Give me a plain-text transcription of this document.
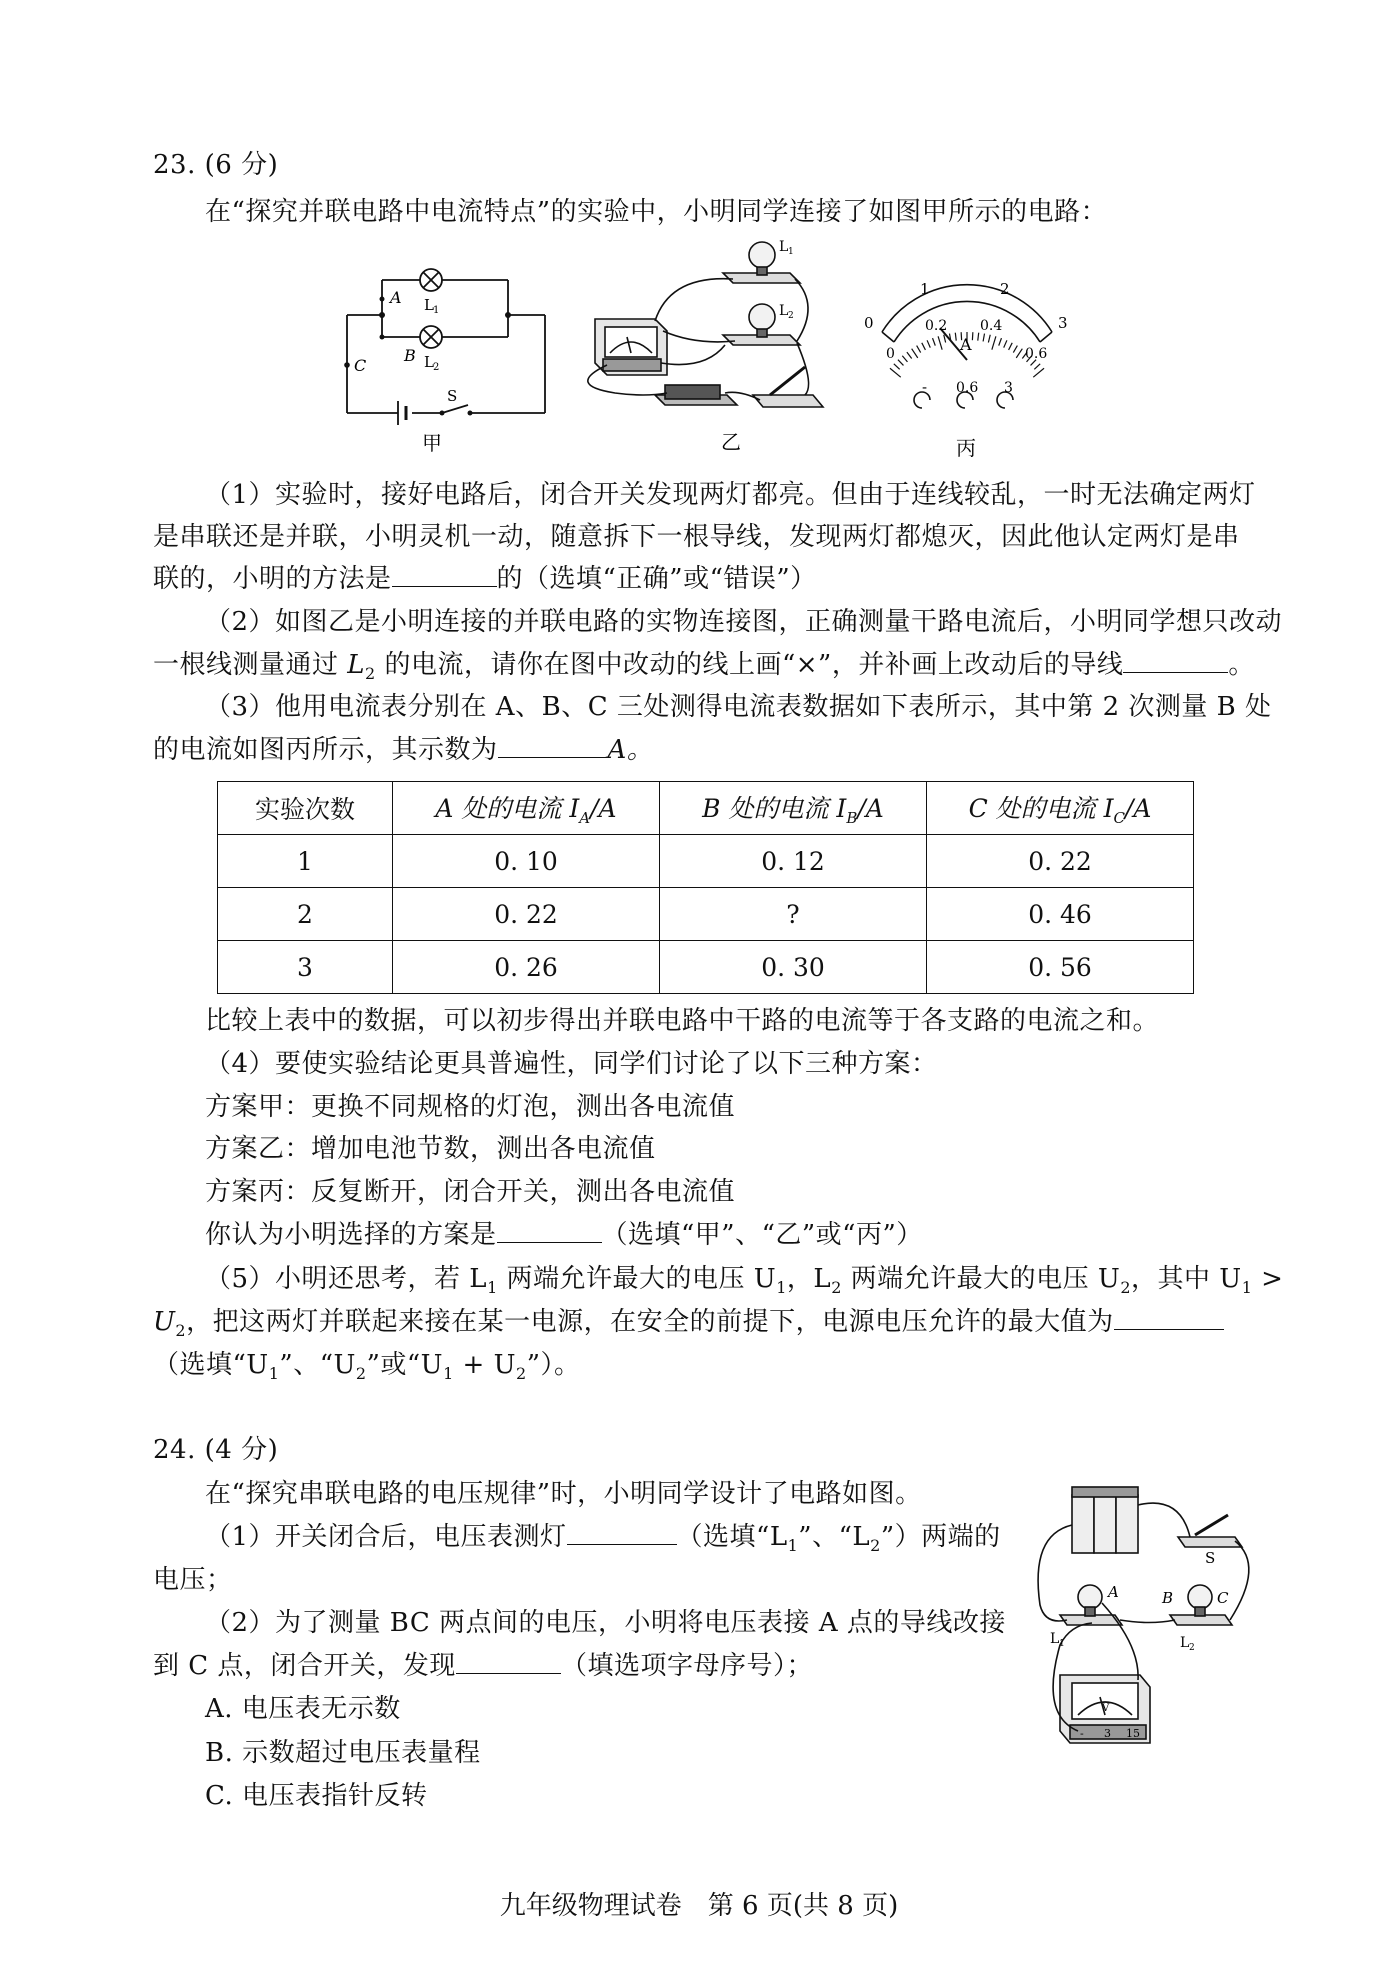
23. (6 分)
在“探究并联电路中电流特点”的实验中，小明同学连接了如图甲所示的电路：
A
B
C
L 1
L 2
S
甲
L 1
L 2
乙
0
1	2
3
0
0.2 0.4
0.6
A
- 0.6 3
丙
（1）实验时，接好电路后，闭合开关发现两灯都亮。但由于连线较乱，一时无法确定两灯
是串联还是并联，小明灵机一动，随意拆下一根导线，发现两灯都熄灭，因此他认定两灯是串
联的，小明的方法是	的（选填“正确”或“错误”）
（2）如图乙是小明连接的并联电路的实物连接图，正确测量干路电流后，小明同学想只改动
一根线测量通过 $L_2$ 的电流，请你在图中改动的线上画“×”，并补画上改动后的导线	。
（3）他用电流表分别在 A、B、C 三处测得电流表数据如下表所示，其中第 2 次测量 B 处
的电流如图丙所示，其示数为	A。
实验次数	A 处的电流 $I_A/A$	B 处的电流 $I_B/A$	C 处的电流 $I_C/A$
1	0. 10	0. 12	0. 22
2	0. 22	?	0. 46
3	0. 26	0. 30	0. 56
比较上表中的数据，可以初步得出并联电路中干路的电流等于各支路的电流之和。
（4）要使实验结论更具普遍性，同学们讨论了以下三种方案：
方案甲：更换不同规格的灯泡，测出各电流值
方案乙：增加电池节数，测出各电流值
方案丙：反复断开，闭合开关，测出各电流值
你认为小明选择的方案是	（选填“甲”、“乙”或“丙”）
（5）小明还思考，若 $L_1$ 两端允许最大的电压 $U_1$，$L_2$ 两端允许最大的电压 $U_2$，其中 $U_1$ >
$U_2$，把这两灯并联起来接在某一电源，在安全的前提下，电源电压允许的最大值为
（选填“$U_1$”、“$U_2$”或“$U_1$ + $U_2$”）。
24. (4 分)
在“探究串联电路的电压规律”时，小明同学设计了电路如图。
（1）开关闭合后，电压表测灯	（选填“$L_1$”、“$L_2$”）两端的
电压；
（2）为了测量 BC 两点间的电压，小明将电压表接 A 点的导线改接
到 C 点，闭合开关，发现	（填选项字母序号）；
A. 电压表无示数
B. 示数超过电压表量程
C. 电压表指针反转
S
A	B	C
L 1	L 2
V
- 3 15
九年级物理试卷　第 6 页(共 8 页)
